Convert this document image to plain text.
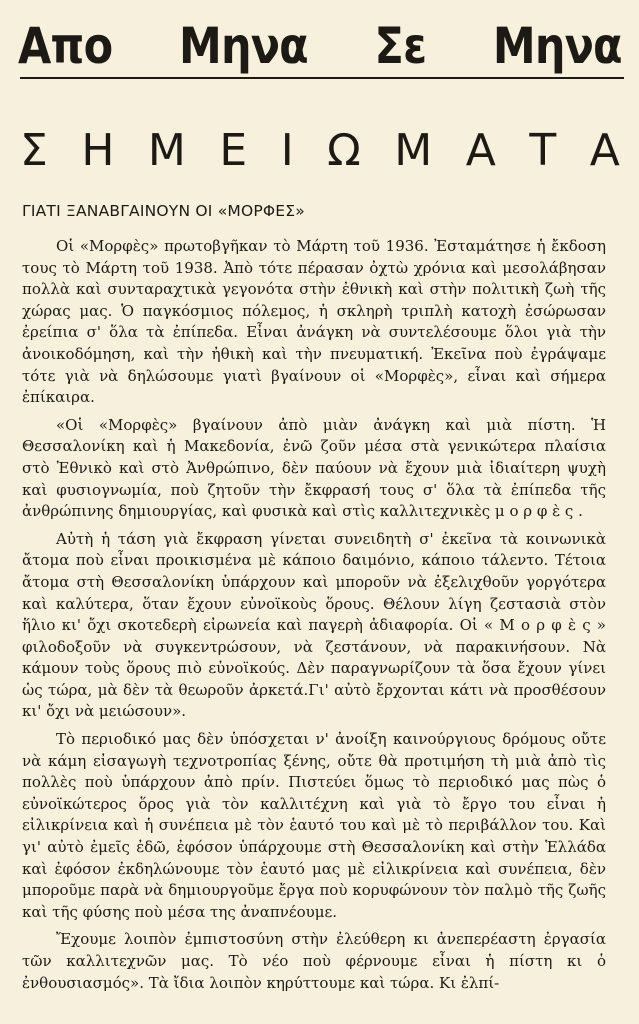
Απο Μηνα Σε Μηνα
Σ Η Μ Ε Ι Ω Μ Α Τ Α
ΓΙΑΤΙ ΞΑΝΑΒΓΑΙΝΟΥΝ ΟΙ «ΜΟΡΦΕΣ»

Οἱ «Μορφὲς» πρωτοβγῆκαν τὸ Μάρτη τοῦ 1936. Ἐσταμάτησε ἡ ἔκδοση τους τὸ Μάρτη τοῦ 1938. Ἀπὸ τότε πέρασαν ὀχτὼ χρόνια καὶ μεσολάβησαν πολλὰ καὶ συνταραχτικὰ γεγονότα στὴν ἐθνικὴ καὶ στὴν πολιτικὴ ζωὴ τῆς χώρας μας. Ὁ παγκόσμιος πόλεμος, ἡ σκληρὴ τριπλὴ κατοχὴ ἐσώρωσαν ἐρείπια σ' ὅλα τὰ ἐπίπεδα. Εἶναι ἀνάγκη νὰ συντελέσουμε ὅλοι γιὰ τὴν ἀνοικοδόμηση, καὶ τὴν ἠθικὴ καὶ τὴν πνευματική. Ἐκεῖνα ποὺ ἐγράψαμε τότε γιὰ νὰ δηλώσουμε γιατὶ βγαίνουν οἱ «Μορφὲς», εἶναι καὶ σήμερα ἐπίκαιρα.

«Οἱ «Μορφὲς» βγαίνουν ἀπὸ μιὰν ἀνάγκη καὶ μιὰ πίστη. Ἡ Θεσσαλονίκη καὶ ἡ Μακεδονία, ἐνῶ ζοῦν μέσα στὰ γενικώτερα πλαίσια στὸ Ἐθνικὸ καὶ στὸ Ἀνθρώπινο, δὲν παύουν νὰ ἔχουν μιὰ ἰδιαίτερη ψυχὴ καὶ φυσιογνωμία, ποὺ ζητοῦν τὴν ἔκφρασή τους σ' ὅλα τὰ ἐπίπεδα τῆς ἀνθρώπινης δημιουργίας, καὶ φυσικὰ καὶ στὶς καλλιτεχνικὲς μ ο ρ φ ὲ ς .

Αὐτὴ ἡ τάση γιὰ ἔκφραση γίνεται συνειδητὴ σ' ἐκεῖνα τὰ κοινωνικὰ ἄτομα ποὺ εἶναι προικισμένα μὲ κάποιο δαιμόνιο, κάποιο τάλεντο. Τέτοια ἄτομα στὴ Θεσσαλονίκη ὑπάρχουν καὶ μποροῦν νὰ ἐξελιχθοῦν γοργότερα καὶ καλύτερα, ὅταν ἔχουν εὐνοϊκοὺς ὅρους. Θέλουν λίγη ζεστασιὰ στὸν ἥλιο κι' ὄχι σκοτεδερὴ εἰρωνεία καὶ παγερὴ ἀδιαφορία. Οἱ « Μ ο ρ φ ὲ ς » φιλοδοξοῦν νὰ συγκεντρώσουν, νὰ ζεστάνουν, νὰ παρακινήσουν. Νὰ κάμουν τοὺς ὅρους πιὸ εὐνοϊκούς. Δὲν παραγνωρίζουν τὰ ὅσα ἔχουν γίνει ὡς τώρα, μὰ δὲν τὰ θεωροῦν ἀρκετά.Γι' αὐτὸ ἔρχονται κάτι νὰ προσθέσουν κι' ὄχι νὰ μειώσουν».

Τὸ περιοδικό μας δὲν ὑπόσχεται ν' ἀνοίξη καινούργιους δρόμους οὔτε νὰ κάμη εἰσαγωγὴ τεχνοτροπίας ξένης, οὔτε θὰ προτιμήση τὴ μιὰ ἀπὸ τὶς πολλὲς ποὺ ὑπάρχουν ἀπὸ πρίν. Πιστεύει ὅμως τὸ περιοδικό μας πὼς ὁ εὐνοϊκώτερος ὅρος γιὰ τὸν καλλιτέχνη καὶ γιὰ τὸ ἔργο του εἶναι ἡ εἰλικρίνεια καὶ ἡ συνέπεια μὲ τὸν ἑαυτό του καὶ μὲ τὸ περιβάλλον του. Καὶ γι' αὐτὸ ἐμεῖς ἐδῶ, ἐφόσον ὑπάρχουμε στὴ Θεσσαλονίκη καὶ στὴν Ἑλλάδα καὶ ἐφόσον ἐκδηλώνουμε τὸν ἑαυτό μας μὲ εἰλικρίνεια καὶ συνέπεια, δὲν μποροῦμε παρὰ νὰ δημιουργοῦμε ἔργα ποὺ κορυφώνουν τὸν παλμὸ τῆς ζωῆς καὶ τῆς φύσης ποὺ μέσα της ἀναπνέουμε.

Ἔχουμε λοιπὸν ἐμπιστοσύνη στὴν ἐλεύθερη κι ἀνεπερέαστη ἐργασία τῶν καλλιτεχνῶν μας. Τὸ νέο ποὺ φέρνουμε εἶναι ἡ πίστη κι ὁ ἐνθουσιασμός». Τὰ ἴδια λοιπὸν κηρύττουμε καὶ τώρα. Κι ἐλπί-
